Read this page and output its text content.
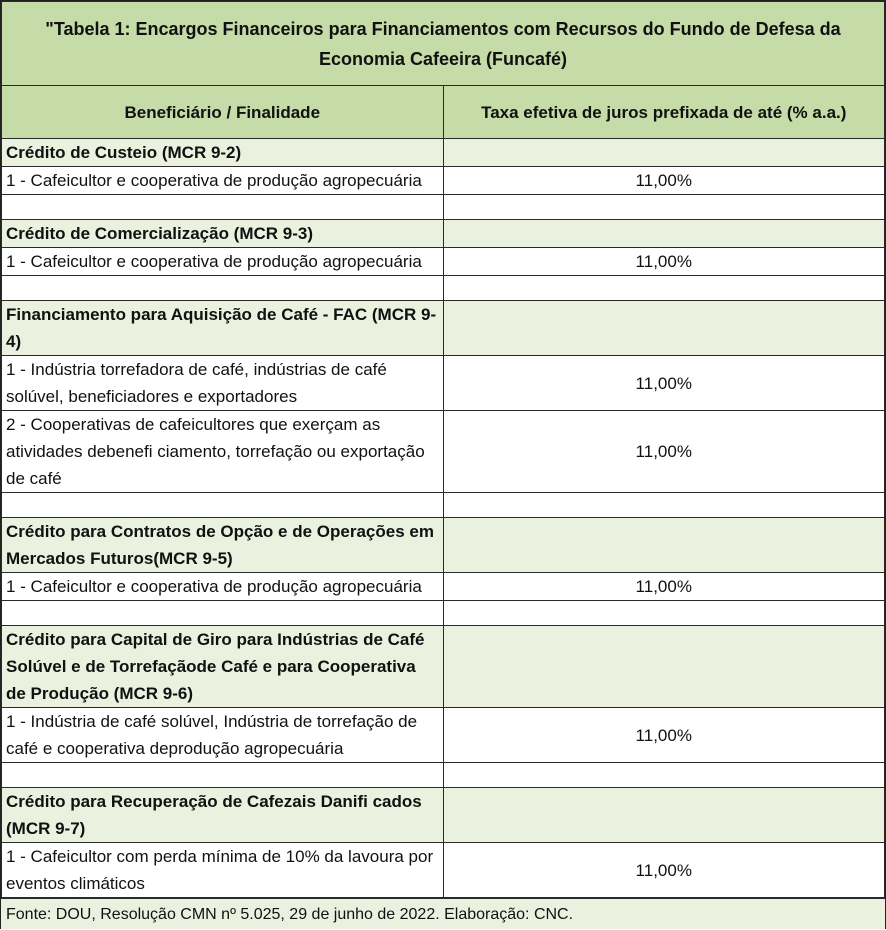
"Tabela 1: Encargos Financeiros para Financiamentos com Recursos do Fundo de Defesa da Economia Cafeeira (Funcafé)	
Beneficiário / Finalidade	Taxa efetiva de juros prefixada de até (% a.a.)
Crédito de Custeio (MCR 9-2)	
1 - Cafeicultor e cooperativa de produção agropecuária	11,00%

Crédito de Comercialização (MCR 9-3)	
1 - Cafeicultor e cooperativa de produção agropecuária	11,00%

Financiamento para Aquisição de Café - FAC (MCR 9-4)	
1 - Indústria torrefadora de café, indústrias de café solúvel, beneficiadores e exportadores	11,00%
2 - Cooperativas de cafeicultores que exerçam as atividades debenefi ciamento, torrefação ou exportação de café	11,00%

Crédito para Contratos de Opção e de Operações em Mercados Futuros(MCR 9-5)	
1 - Cafeicultor e cooperativa de produção agropecuária	11,00%

Crédito para Capital de Giro para Indústrias de Café Solúvel e de Torrefaçãode Café e para Cooperativa de Produção (MCR 9-6)	
1 - Indústria de café solúvel, Indústria de torrefação de café e cooperativa deprodução agropecuária	11,00%

Crédito para Recuperação de Cafezais Danifi cados (MCR 9-7)	
1 - Cafeicultor com perda mínima de 10% da lavoura por eventos climáticos	11,00%
Fonte: DOU, Resolução CMN nº 5.025, 29 de junho de 2022. Elaboração: CNC.
